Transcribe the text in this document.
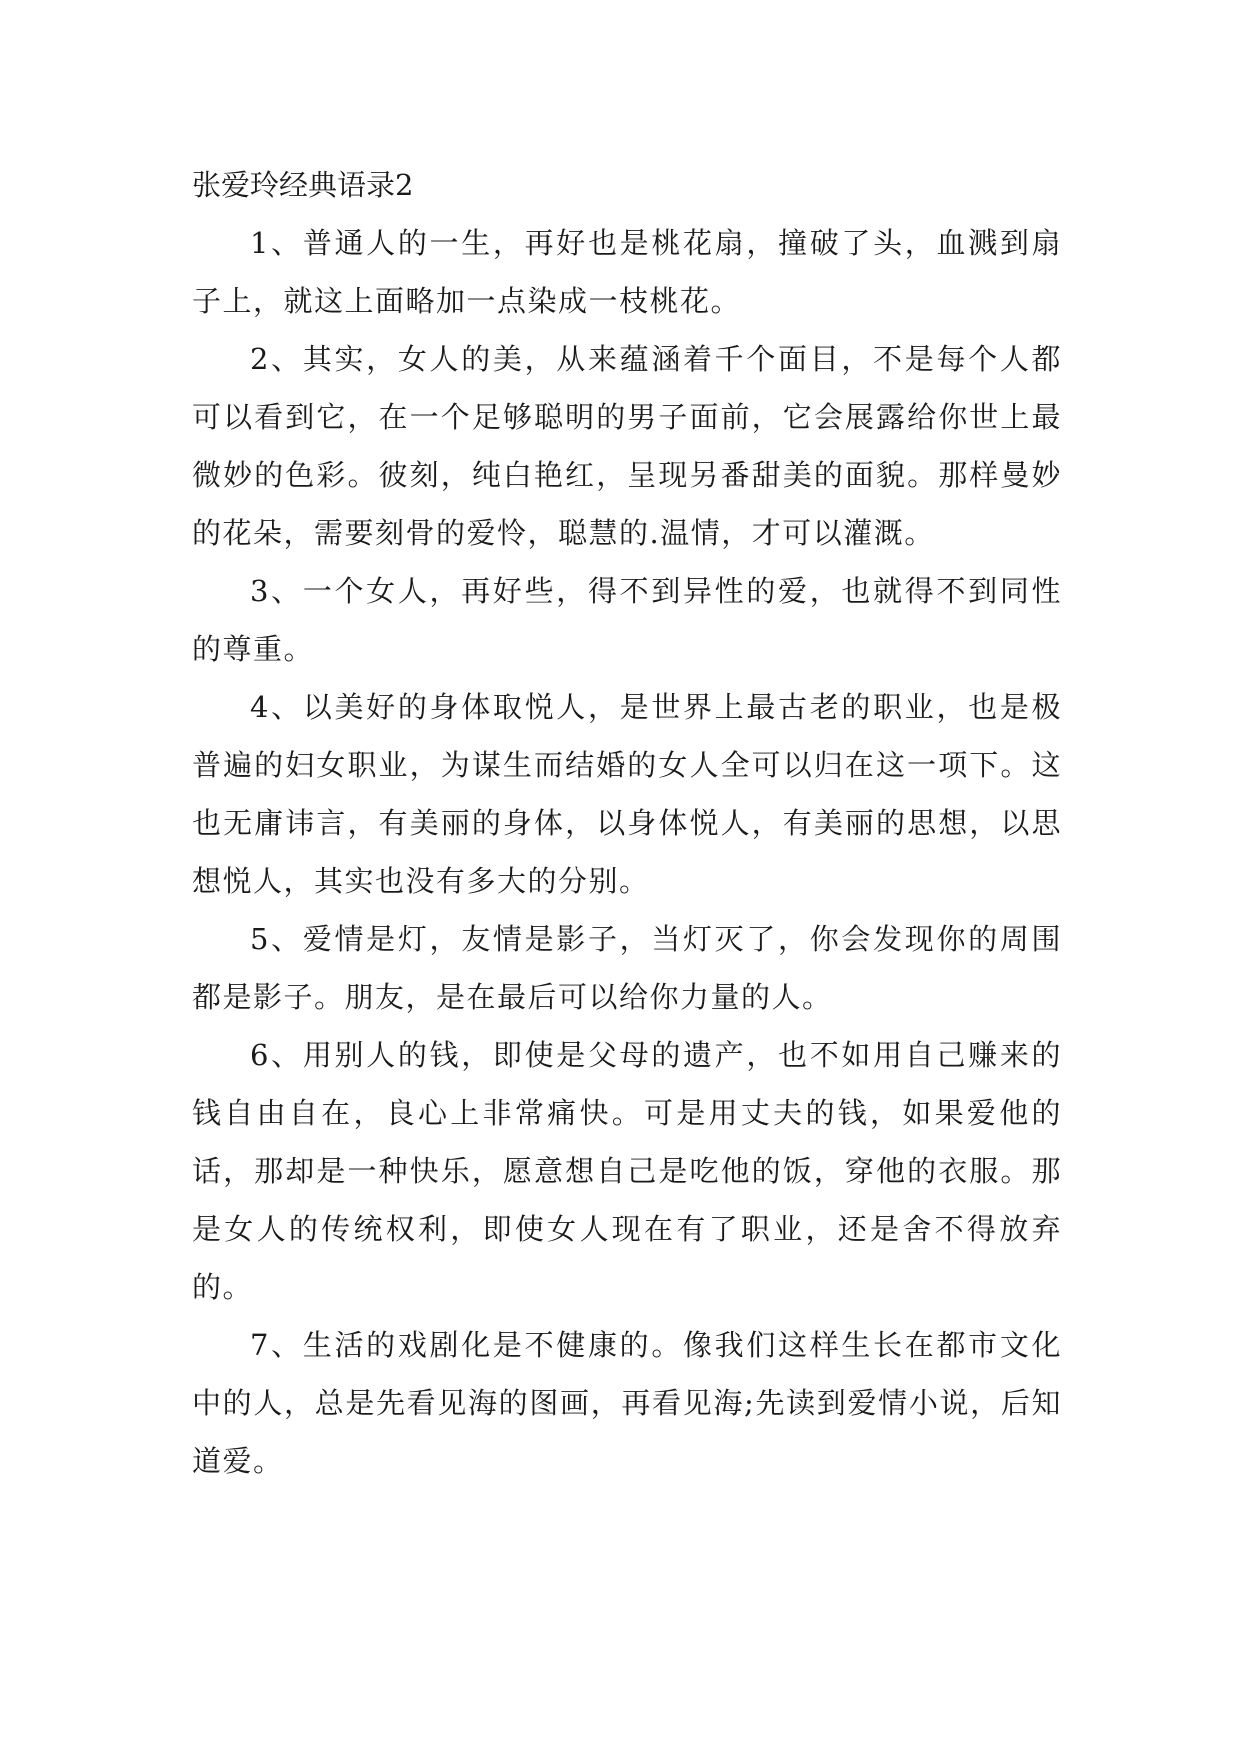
张爱玲经典语录2

1、普通人的一生，再好也是桃花扇，撞破了头，血溅到扇子上，就这上面略加一点染成一枝桃花。

2、其实，女人的美，从来蕴涵着千个面目，不是每个人都可以看到它，在一个足够聪明的男子面前，它会展露给你世上最微妙的色彩。彼刻，纯白艳红，呈现另番甜美的面貌。那样曼妙的花朵，需要刻骨的爱怜，聪慧的.温情，才可以灌溉。

3、一个女人，再好些，得不到异性的爱，也就得不到同性的尊重。

4、以美好的身体取悦人，是世界上最古老的职业，也是极普遍的妇女职业，为谋生而结婚的女人全可以归在这一项下。这也无庸讳言，有美丽的身体，以身体悦人，有美丽的思想，以思想悦人，其实也没有多大的分别。

5、爱情是灯，友情是影子，当灯灭了，你会发现你的周围都是影子。朋友，是在最后可以给你力量的人。

6、用别人的钱，即使是父母的遗产，也不如用自己赚来的钱自由自在，良心上非常痛快。可是用丈夫的钱，如果爱他的话，那却是一种快乐，愿意想自己是吃他的饭，穿他的衣服。那是女人的传统权利，即使女人现在有了职业，还是舍不得放弃的。

7、生活的戏剧化是不健康的。像我们这样生长在都市文化中的人，总是先看见海的图画，再看见海;先读到爱情小说，后知道爱。
